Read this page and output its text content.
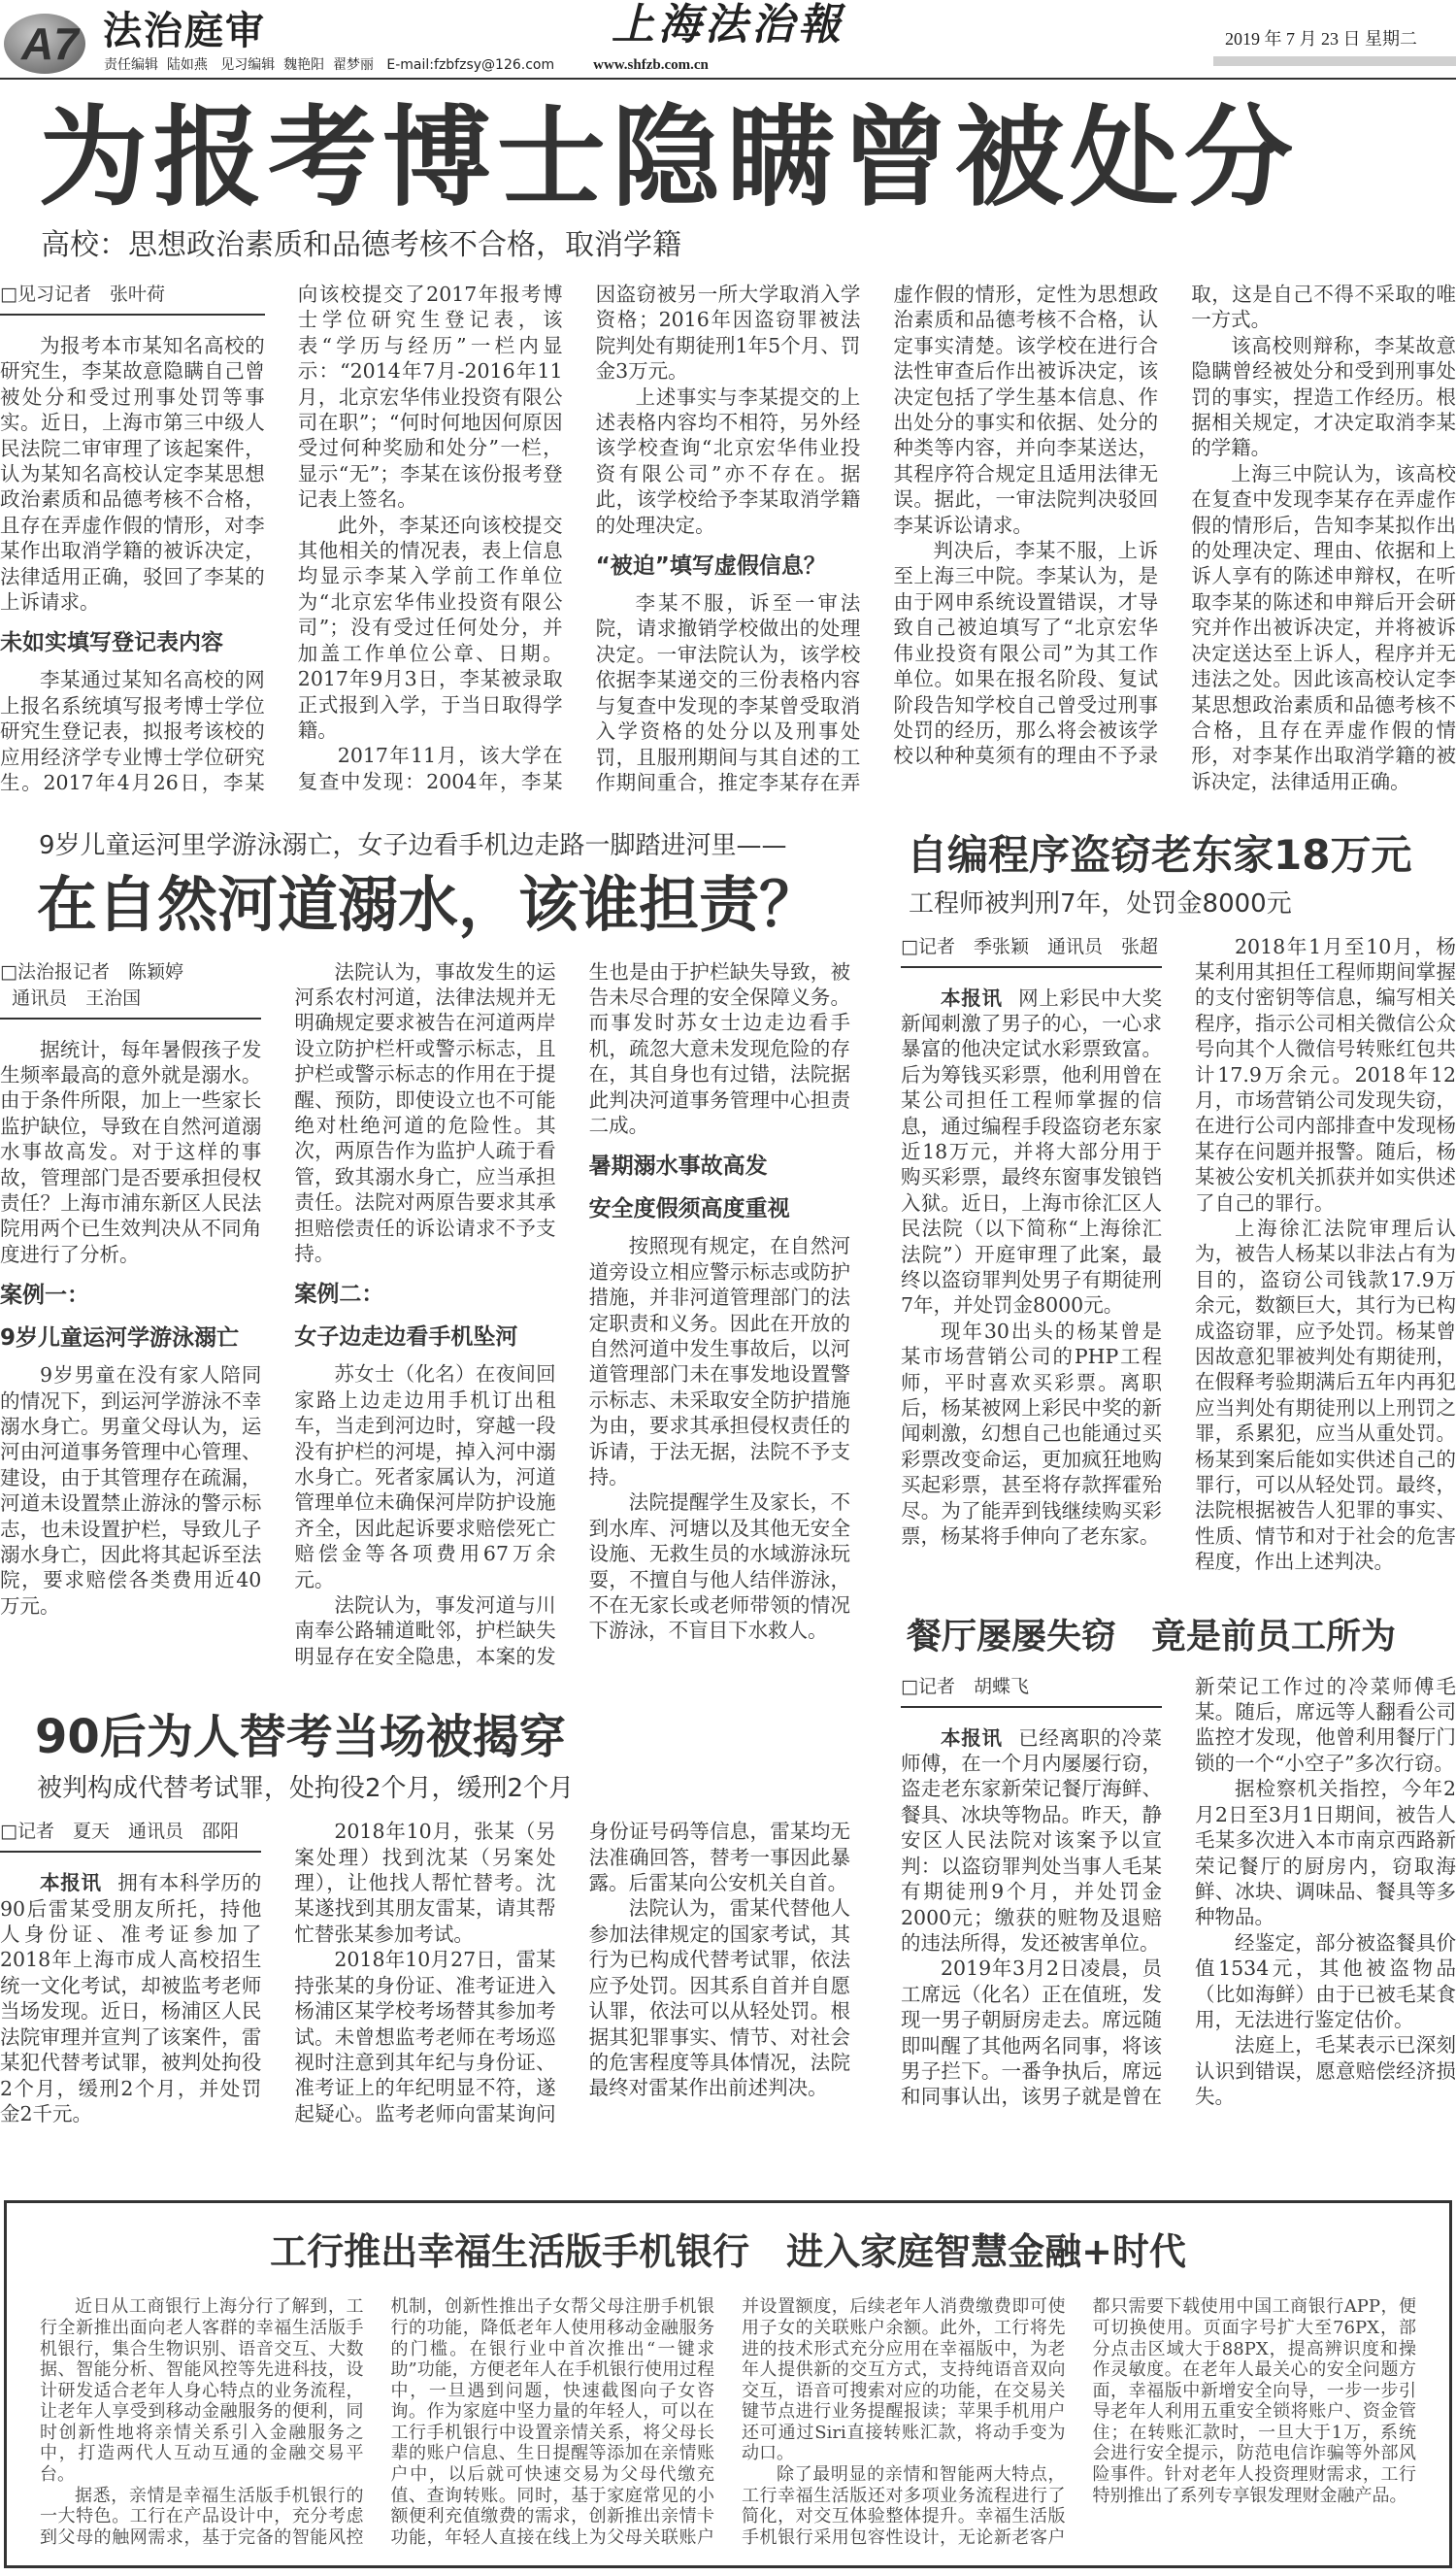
A7 法治庭审	上海法治報	2019 年 7 月 23 日 星期二
责任编辑  陆如燕   见习编辑  魏艳阳  翟梦丽   E-mail:fzbfzsy@126.com	www.shfzb.com.cn
为报考博士隐瞒曾被处分
高校：思想政治素质和品德考核不合格，取消学籍
□见习记者　张叶荷

为报考本市某知名高校的研究生，李某故意隐瞒自己曾被处分和受过刑事处罚等事实。近日，上海市第三中级人民法院二审审理了该起案件，认为某知名高校认定李某思想政治素质和品德考核不合格，且存在弄虚作假的情形，对李某作出取消学籍的被诉决定，法律适用正确，驳回了李某的上诉请求。

未如实填写登记表内容

李某通过某知名高校的网上报名系统填写报考博士学位研究生登记表，拟报考该校的应用经济学专业博士学位研究生。2017年4月26日，李某向该校提交了2017年报考博士学位研究生登记表，该表“学历与经历”一栏内显示：“2014年7月-2016年11月，北京宏华伟业投资有限公司在职”；“何时何地因何原因受过何种奖励和处分”一栏，显示“无”；李某在该份报考登记表上签名。

此外，李某还向该校提交其他相关的情况表，表上信息均显示李某入学前工作单位为“北京宏华伟业投资有限公司”；没有受过任何处分，并加盖工作单位公章、日期。2017年9月3日，李某被录取正式报到入学，于当日取得学籍。

2017年11月，该大学在复查中发现：2004年，李某因盗窃被另一所大学取消入学资格；2016年因盗窃罪被法院判处有期徒刑1年5个月、罚金3万元。

上述事实与李某提交的上述表格内容均不相符，另外经该学校查询“北京宏华伟业投资有限公司”亦不存在。据此，该学校给予李某取消学籍的处理决定。

“被迫”填写虚假信息？

李某不服，诉至一审法院，请求撤销学校做出的处理决定。一审法院认为，该学校依据李某递交的三份表格内容与复查中发现的李某曾受取消入学资格的处分以及刑事处罚，且服刑期间与其自述的工作期间重合，推定李某存在弄虚作假的情形，定性为思想政治素质和品德考核不合格，认定事实清楚。该学校在进行合法性审查后作出被诉决定，该决定包括了学生基本信息、作出处分的事实和依据、处分的种类等内容，并向李某送达，其程序符合规定且适用法律无误。据此，一审法院判决驳回李某诉讼请求。

判决后，李某不服，上诉至上海三中院。李某认为，是由于网申系统设置错误，才导致自己被迫填写了“北京宏华伟业投资有限公司”为其工作单位。如果在报名阶段、复试阶段告知学校自己曾受过刑事处罚的经历，那么将会被该学校以种种莫须有的理由不予录取，这是自己不得不采取的唯一方式。

该高校则辩称，李某故意隐瞒曾经被处分和受到刑事处罚的事实，捏造工作经历。根据相关规定，才决定取消李某的学籍。

上海三中院认为，该高校在复查中发现李某存在弄虚作假的情形后，告知李某拟作出的处理决定、理由、依据和上诉人享有的陈述申辩权，在听取李某的陈述和申辩后开会研究并作出被诉决定，并将被诉决定送达至上诉人，程序并无违法之处。因此该高校认定李某思想政治素质和品德考核不合格，且存在弄虚作假的情形，对李某作出取消学籍的被诉决定，法律适用正确。

9岁儿童运河里学游泳溺亡，女子边看手机边走路一脚踏进河里——
在自然河道溺水，该谁担责？
□法治报记者　陈颖婷
通讯员　王治国

据统计，每年暑假孩子发生频率最高的意外就是溺水。由于条件所限，加上一些家长监护缺位，导致在自然河道溺水事故高发。对于这样的事故，管理部门是否要承担侵权责任？上海市浦东新区人民法院用两个已生效判决从不同角度进行了分析。

案例一：
9岁儿童运河学游泳溺亡

9岁男童在没有家人陪同的情况下，到运河学游泳不幸溺水身亡。男童父母认为，运河由河道事务管理中心管理、建设，由于其管理存在疏漏，河道未设置禁止游泳的警示标志，也未设置护栏，导致儿子溺水身亡，因此将其起诉至法院，要求赔偿各类费用近40万元。

法院认为，事故发生的运河系农村河道，法律法规并无明确规定要求被告在河道两岸设立防护栏杆或警示标志，且护栏或警示标志的作用在于提醒、预防，即使设立也不可能绝对杜绝河道的危险性。其次，两原告作为监护人疏于看管，致其溺水身亡，应当承担责任。法院对两原告要求其承担赔偿责任的诉讼请求不予支持。

案例二：
女子边走边看手机坠河

苏女士（化名）在夜间回家路上边走边用手机订出租车，当走到河边时，穿越一段没有护栏的河堤，掉入河中溺水身亡。死者家属认为，河道管理单位未确保河岸防护设施齐全，因此起诉要求赔偿死亡赔偿金等各项费用67万余元。

法院认为，事发河道与川南奉公路辅道毗邻，护栏缺失明显存在安全隐患，本案的发生也是由于护栏缺失导致，被告未尽合理的安全保障义务。而事发时苏女士边走边看手机，疏忽大意未发现危险的存在，其自身也有过错，法院据此判决河道事务管理中心担责二成。

暑期溺水事故高发
安全度假须高度重视

按照现有规定，在自然河道旁设立相应警示标志或防护措施，并非河道管理部门的法定职责和义务。因此在开放的自然河道中发生事故后，以河道管理部门未在事发地设置警示标志、未采取安全防护措施为由，要求其承担侵权责任的诉请，于法无据，法院不予支持。

法院提醒学生及家长，不到水库、河塘以及其他无安全设施、无救生员的水域游泳玩耍，不擅自与他人结伴游泳，不在无家长或老师带领的情况下游泳，不盲目下水救人。

90后为人替考当场被揭穿
被判构成代替考试罪，处拘役2个月，缓刑2个月
□记者　夏天　通讯员　邵阳

本报讯 拥有本科学历的90后雷某受朋友所托，持他人身份证、准考证参加了2018年上海市成人高校招生统一文化考试，却被监考老师当场发现。近日，杨浦区人民法院审理并宣判了该案件，雷某犯代替考试罪，被判处拘役2个月，缓刑2个月，并处罚金2千元。

2018年10月，张某（另案处理）找到沈某（另案处理），让他找人帮忙替考。沈某遂找到其朋友雷某，请其帮忙替张某参加考试。

2018年10月27日，雷某持张某的身份证、准考证进入杨浦区某学校考场替其参加考试。未曾想监考老师在考场巡视时注意到其年纪与身份证、准考证上的年纪明显不符，遂起疑心。监考老师向雷某询问身份证号码等信息，雷某均无法准确回答，替考一事因此暴露。后雷某向公安机关自首。

法院认为，雷某代替他人参加法律规定的国家考试，其行为已构成代替考试罪，依法应予处罚。因其系自首并自愿认罪，依法可以从轻处罚。根据其犯罪事实、情节、对社会的危害程度等具体情况，法院最终对雷某作出前述判决。

自编程序盗窃老东家18万元
工程师被判刑7年，处罚金8000元
□记者　季张颖　通讯员　张超

本报讯 网上彩民中大奖新闻刺激了男子的心，一心求暴富的他决定试水彩票致富。后为筹钱买彩票，他利用曾在某公司担任工程师掌握的信息，通过编程手段盗窃老东家近18万元，并将大部分用于购买彩票，最终东窗事发锒铛入狱。近日，上海市徐汇区人民法院（以下简称“上海徐汇法院”）开庭审理了此案，最终以盗窃罪判处男子有期徒刑7年，并处罚金8000元。

现年30出头的杨某曾是某市场营销公司的PHP工程师，平时喜欢买彩票。离职后，杨某被网上彩民中奖的新闻刺激，幻想自己也能通过买彩票改变命运，更加疯狂地购买起彩票，甚至将存款挥霍殆尽。为了能弄到钱继续购买彩票，杨某将手伸向了老东家。

2018年1月至10月，杨某利用其担任工程师期间掌握的支付密钥等信息，编写相关程序，指示公司相关微信公众号向其个人微信号转账红包共计17.9万余元。2018年12月，市场营销公司发现失窃，在进行公司内部排查中发现杨某存在问题并报警。随后，杨某被公安机关抓获并如实供述了自己的罪行。

上海徐汇法院审理后认为，被告人杨某以非法占有为目的，盗窃公司钱款17.9万余元，数额巨大，其行为已构成盗窃罪，应予处罚。杨某曾因故意犯罪被判处有期徒刑，在假释考验期满后五年内再犯应当判处有期徒刑以上刑罚之罪，系累犯，应当从重处罚。杨某到案后能如实供述自己的罪行，可以从轻处罚。最终，法院根据被告人犯罪的事实、性质、情节和对于社会的危害程度，作出上述判决。

餐厅屡屡失窃　竟是前员工所为
□记者　胡蝶飞

本报讯 已经离职的冷菜师傅，在一个月内屡屡行窃，盗走老东家新荣记餐厅海鲜、餐具、冰块等物品。昨天，静安区人民法院对该案予以宣判：以盗窃罪判处当事人毛某有期徒刑9个月，并处罚金2000元；缴获的赃物及退赔的违法所得，发还被害单位。

2019年3月2日凌晨，员工席远（化名）正在值班，发现一男子朝厨房走去。席远随即叫醒了其他两名同事，将该男子拦下。一番争执后，席远和同事认出，该男子就是曾在新荣记工作过的冷菜师傅毛某。随后，席远等人翻看公司监控才发现，他曾利用餐厅门锁的一个“小空子”多次行窃。

据检察机关指控，今年2月2日至3月1日期间，被告人毛某多次进入本市南京西路新荣记餐厅的厨房内，窃取海鲜、冰块、调味品、餐具等多种物品。

经鉴定，部分被盗餐具价值1534元，其他被盗物品（比如海鲜）由于已被毛某食用，无法进行鉴定估价。

法庭上，毛某表示已深刻认识到错误，愿意赔偿经济损失。

工行推出幸福生活版手机银行　进入家庭智慧金融+时代

近日从工商银行上海分行了解到，工行全新推出面向老人客群的幸福生活版手机银行，集合生物识别、语音交互、大数据、智能分析、智能风控等先进科技，设计研发适合老年人身心特点的业务流程，让老年人享受到移动金融服务的便利，同时创新性地将亲情关系引入金融服务之中，打造两代人互动互通的金融交易平台。

据悉，亲情是幸福生活版手机银行的一大特色。工行在产品设计中，充分考虑到父母的触网需求，基于完备的智能风控机制，创新性推出子女帮父母注册手机银行的功能，降低老年人使用移动金融服务的门槛。在银行业中首次推出“一键求助”功能，方便老年人在手机银行使用过程中，一旦遇到问题，快速截图向子女咨询。作为家庭中坚力量的年轻人，可以在工行手机银行中设置亲情关系，将父母长辈的账户信息、生日提醒等添加在亲情账户中，以后就可快速交易为父母代缴充值、查询转账。同时，基于家庭常见的小额便利充值缴费的需求，创新推出亲情卡功能，年轻人直接在线上为父母关联账户并设置额度，后续老年人消费缴费即可使用子女的关联账户余额。此外，工行将先进的技术形式充分应用在幸福版中，为老年人提供新的交互方式，支持纯语音双向交互，语音可搜索对应的功能，在交易关键节点进行业务提醒报读；苹果手机用户还可通过Siri直接转账汇款，将动手变为动口。

除了最明显的亲情和智能两大特点，工行幸福生活版还对多项业务流程进行了简化，对交互体验整体提升。幸福生活版手机银行采用包容性设计，无论新老客户都只需要下载使用中国工商银行APP，便可切换使用。页面字号扩大至76PX，部分点击区域大于88PX，提高辨识度和操作灵敏度。在老年人最关心的安全问题方面，幸福版中新增安全向导，一步一步引导老年人利用五重安全锁将账户、资金管住；在转账汇款时，一旦大于1万，系统会进行安全提示，防范电信诈骗等外部风险事件。针对老年人投资理财需求，工行特别推出了系列专享银发理财金融产品。
